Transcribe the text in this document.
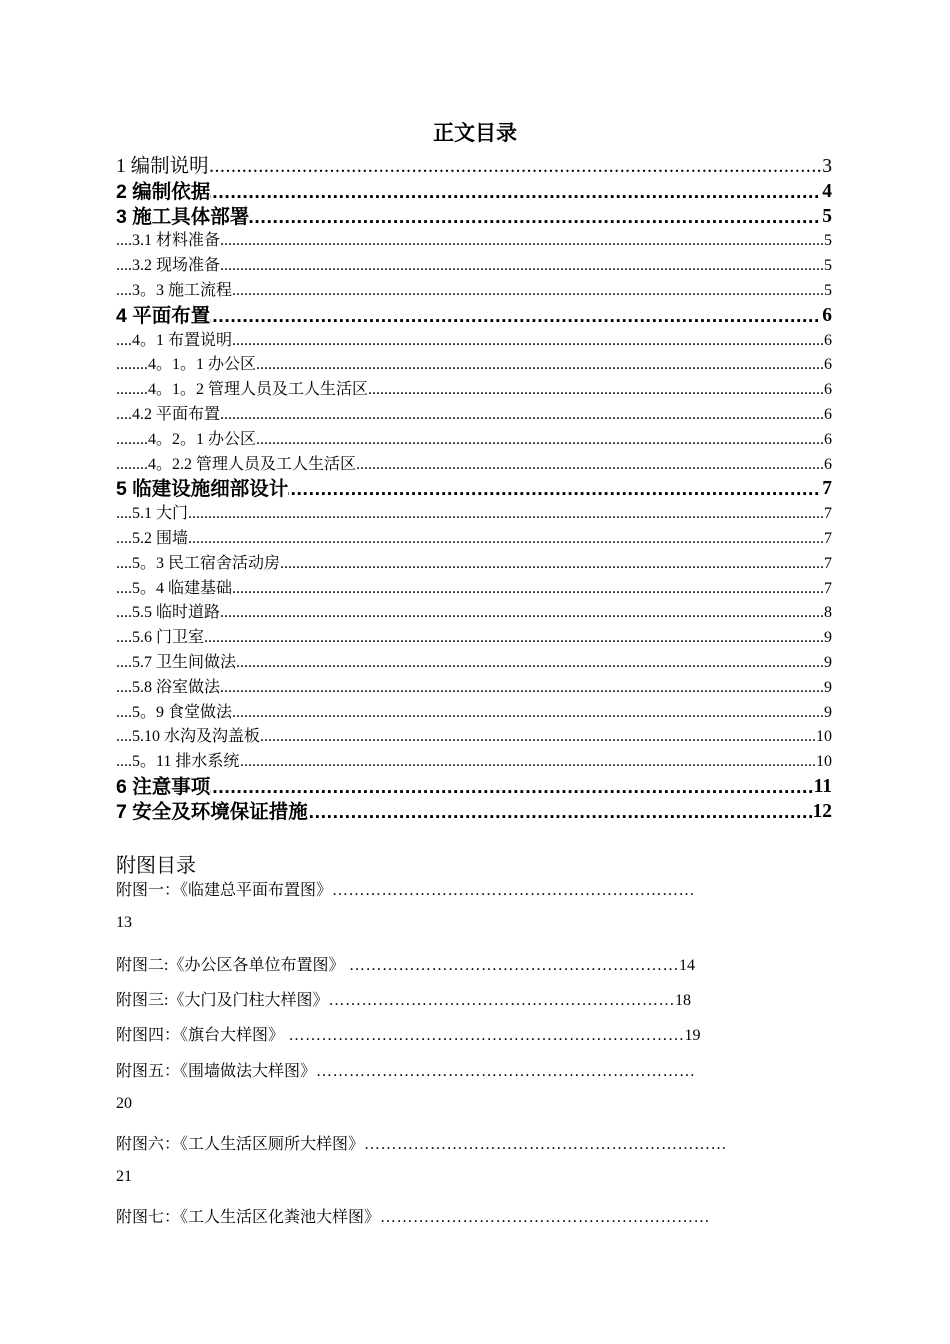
正文目录
.....
1 编制说明	3
.....
2 编制依据	4
.....
3 施工具体部署	5
.....
3.1 材料准备	5
.....
3.2 现场准备	5
.....
3。3 施工流程	5
.....
4 平面布置	6
.....
4。1 布置说明	6
.....
4。1。1 办公区	6
.....
4。1。2 管理人员及工人生活区	6
.....
4.2 平面布置	6
.....
4。2。1 办公区	6
.....
4。2.2 管理人员及工人生活区	6
.....
5 临建设施细部设计	7
.....
5.1 大门	7
.....
5.2 围墙	7
.....
5。3 民工宿舍活动房	7
.....
5。4 临建基础	7
.....
5.5 临时道路	8
.....
5.6 门卫室	9
.....
5.7 卫生间做法	9
.....
5.8 浴室做法	9
.....
5。9 食堂做法	9
.....
5.10 水沟及沟盖板	10
.....
5。11 排水系统	10
.....
6 注意事项	11
.....
7 安全及环境保证措施	12
附图目录
附图一：《临建总平面布置图》…………………………………………………………
13
附图二:《办公区各单位布置图》 ……………………………………………………14
附图三:《大门及门柱大样图》………………………………………………………18
附图四：《旗台大样图》 ………………………………………………………………19
附图五：《围墙做法大样图》……………………………………………………………
20
附图六：《工人生活区厕所大样图》…………………………………………………………
21
附图七：《工人生活区化粪池大样图》……………………………………………………
